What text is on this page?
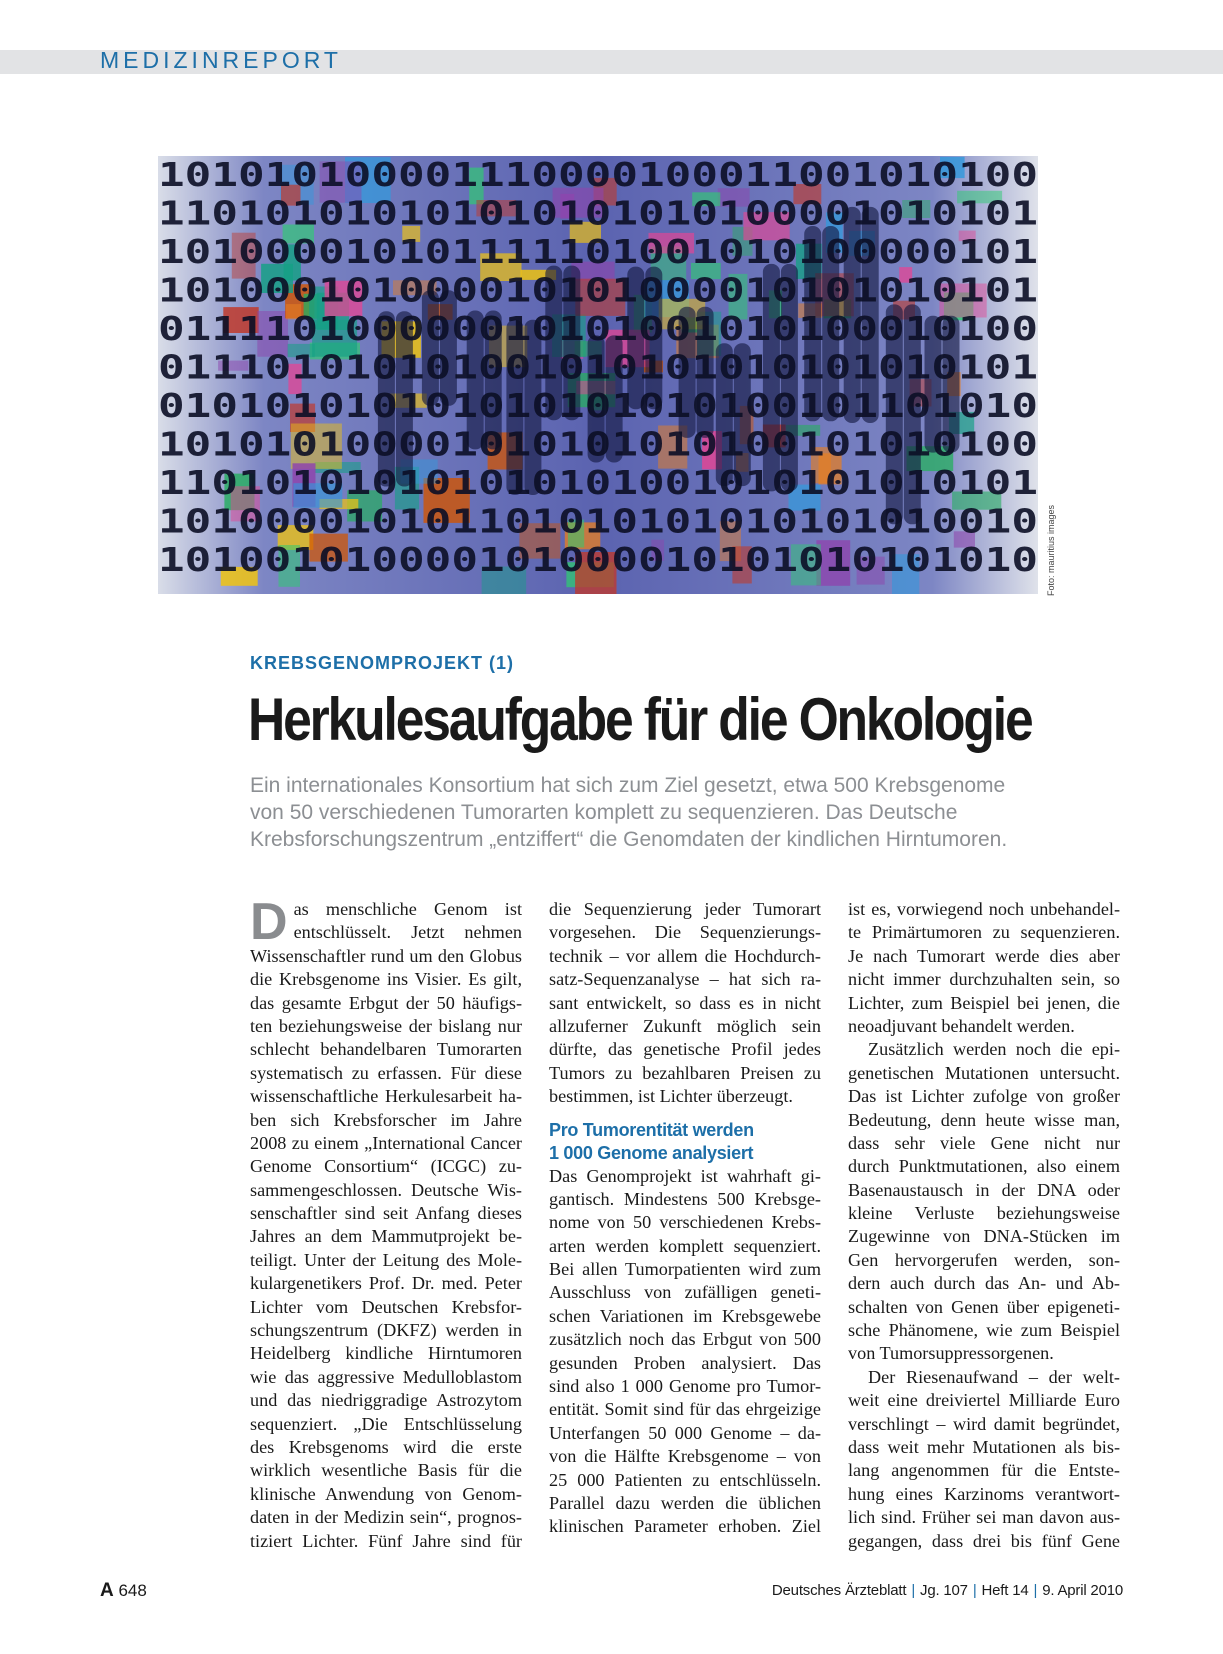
MEDIZINREPORT
101010100001110000100011001010100
110101010101010101010100001010101
101000010101111101001010100000101
101000101000010101000010101010101
011110100000010101001010100010100
011101010101001010101010101010101
010101010101010101010100101101010
101010100001010101010100101010100
110101010101010101001010101010101
101000010101101010101010101010010
101001010000101000010101010101010 Foto: mauritius images
KREBSGENOMPROJEKT (1)
Herkulesaufgabe für die Onkologie
Ein internationales Konsortium hat sich zum Ziel gesetzt, etwa 500 Krebsgenome
von 50 verschiedenen Tumorarten komplett zu sequenzieren. Das Deutsche
Krebsforschungszentrum „entziffert“ die Genomdaten der kindlichen Hirntumoren.
D as menschliche Genom ist
entschlüsselt. Jetzt nehmen
Wissenschaftler rund um den Globus
die Krebsgenome ins Visier. Es gilt,
das gesamte Erbgut der 50 häufigs-
ten beziehungsweise der bislang nur
schlecht behandelbaren Tumorarten
systematisch zu erfassen. Für diese
wissenschaftliche Herkulesarbeit ha-
ben sich Krebsforscher im Jahre
2008 zu einem „International Cancer
Genome Consortium“ (ICGC) zu-
sammengeschlossen. Deutsche Wis-
senschaftler sind seit Anfang dieses
Jahres an dem Mammutprojekt be-
teiligt. Unter der Leitung des Mole-
kulargenetikers Prof. Dr. med. Peter
Lichter vom Deutschen Krebsfor-
schungszentrum (DKFZ) werden in
Heidelberg kindliche Hirntumoren
wie das aggressive Medulloblastom
und das niedriggradige Astrozytom
sequenziert. „Die Entschlüsselung
des Krebsgenoms wird die erste
wirklich wesentliche Basis für die
klinische Anwendung von Genom-
daten in der Medizin sein“, prognos-
tiziert Lichter. Fünf Jahre sind für
die Sequenzierung jeder Tumorart
vorgesehen. Die Sequenzierungs-
technik – vor allem die Hochdurch-
satz-Sequenzanalyse – hat sich ra-
sant entwickelt, so dass es in nicht
allzuferner Zukunft möglich sein
dürfte, das genetische Profil jedes
Tumors zu bezahlbaren Preisen zu
bestimmen, ist Lichter überzeugt.
Pro Tumorentität werden
1 000 Genome analysiert
Das Genomprojekt ist wahrhaft gi-
gantisch. Mindestens 500 Krebsge-
nome von 50 verschiedenen Krebs-
arten werden komplett sequenziert.
Bei allen Tumorpatienten wird zum
Ausschluss von zufälligen geneti-
schen Variationen im Krebsgewebe
zusätzlich noch das Erbgut von 500
gesunden Proben analysiert. Das
sind also 1 000 Genome pro Tumor-
entität. Somit sind für das ehrgeizige
Unterfangen 50 000 Genome – da-
von die Hälfte Krebsgenome – von
25 000 Patienten zu entschlüsseln.
Parallel dazu werden die üblichen
klinischen Parameter erhoben. Ziel
ist es, vorwiegend noch unbehandel-
te Primärtumoren zu sequenzieren.
Je nach Tumorart werde dies aber
nicht immer durchzuhalten sein, so
Lichter, zum Beispiel bei jenen, die
neoadjuvant behandelt werden.
Zusätzlich werden noch die epi-
genetischen Mutationen untersucht.
Das ist Lichter zufolge von großer
Bedeutung, denn heute wisse man,
dass sehr viele Gene nicht nur
durch Punktmutationen, also einem
Basenaustausch in der DNA oder
kleine Verluste beziehungsweise
Zugewinne von DNA-Stücken im
Gen hervorgerufen werden, son-
dern auch durch das An- und Ab-
schalten von Genen über epigeneti-
sche Phänomene, wie zum Beispiel
von Tumorsuppressorgenen.
Der Riesenaufwand – der welt-
weit eine dreiviertel Milliarde Euro
verschlingt – wird damit begründet,
dass weit mehr Mutationen als bis-
lang angenommen für die Entste-
hung eines Karzinoms verantwort-
lich sind. Früher sei man davon aus-
gegangen, dass drei bis fünf Gene
A 648	Deutsches Ärzteblatt | Jg. 107 | Heft 14 | 9. April 2010
